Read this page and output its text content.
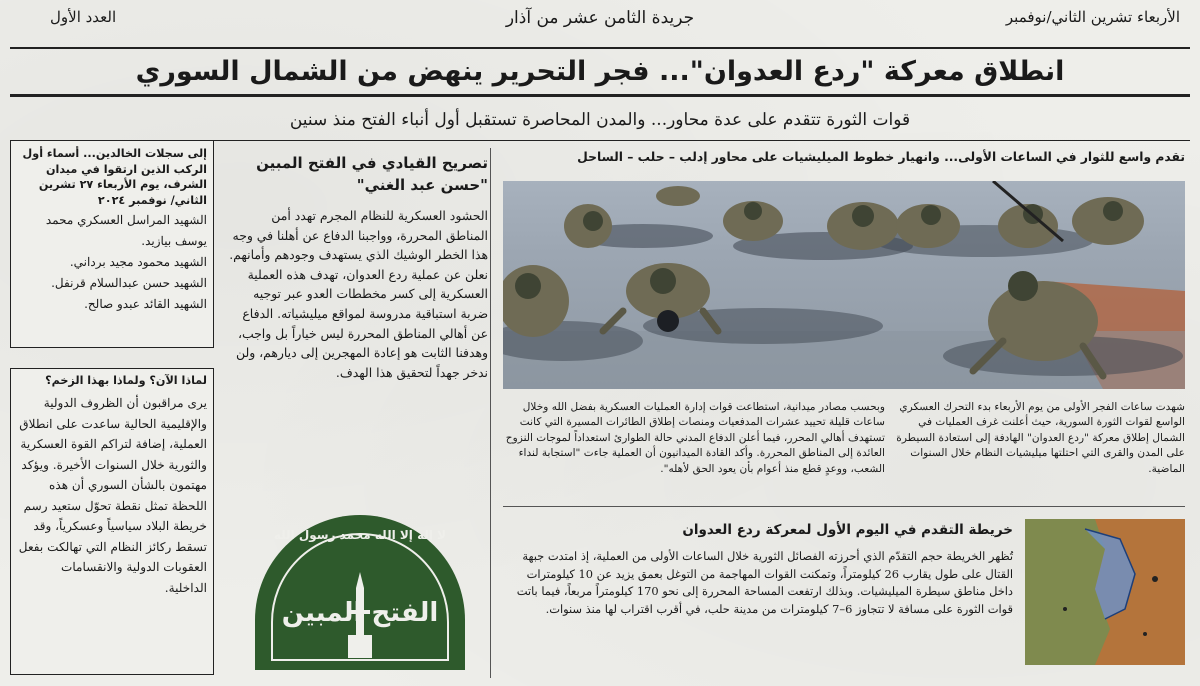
العدد الأول	جريدة الثامن عشر من آذار	الأربعاء تشرين الثاني/نوفمبر
انطلاق معركة "ردع العدوان"... فجر التحرير ينهض من الشمال السوري
قوات الثورة تتقدم على عدة محاور... والمدن المحاصرة تستقبل أول أنباء الفتح منذ سنين
تقدم واسع للثوار في الساعات الأولى... وانهيار خطوط الميليشيات على محاور إدلب – حلب – الساحل
شهدت ساعات الفجر الأولى من يوم الأربعاء بدء التحرك العسكري الواسع لقوات الثورة السورية، حيث أعلنت غرف العمليات في الشمال إطلاق معركة "ردع العدوان" الهادفة إلى استعادة السيطرة على المدن والقرى التي احتلتها ميليشيات النظام خلال السنوات الماضية.
وبحسب مصادر ميدانية، استطاعت قوات إدارة العمليات العسكرية بفضل الله وخلال ساعات قليلة تحييد عشرات المدفعيات ومنصات إطلاق الطائرات المسيرة التي كانت تستهدف أهالي المحرر، فيما أعلن الدفاع المدني حالة الطوارئ استعداداً لموجات النزوح العائدة إلى المناطق المحررة. وأكد القادة الميدانيون أن العملية جاءت "استجابة لنداء الشعب، ووعدٍ قطع منذ أعوام بأن يعود الحق لأهله".
تصريح القيادي في الفتح المبين "حسن عبد الغني"
الحشود العسكرية للنظام المجرم تهدد أمن المناطق المحررة، وواجبنا الدفاع عن أهلنا في وجه هذا الخطر الوشيك الذي يستهدف وجودهم وأمانهم. نعلن عن عملية ردع العدوان، تهدف هذه العملية العسكرية إلى كسر مخططات العدو عبر توجيه ضربة استباقية مدروسة لمواقع ميليشياته. الدفاع عن أهالي المناطق المحررة ليس خياراً بل واجب، وهدفنا الثابت هو إعادة المهجرين إلى ديارهم، ولن ندخر جهداً لتحقيق هذا الهدف.
إلى سجلات الخالدين... أسماء أول الركب الذين ارتقوا في ميدان الشرف، يوم الأربعاء ٢٧ تشرين الثاني/ نوفمبر ٢٠٢٤

الشهيد المراسل العسكري محمد يوسف بيازيد.

الشهيد محمود مجيد برداني.

الشهيد حسن عبدالسلام قرنفل.

الشهيد القائد عبدو صالح.

لماذا الآن؟ ولماذا بهذا الزخم؟
يرى مراقبون أن الظروف الدولية والإقليمية الحالية ساعدت على انطلاق العملية، إضافة لتراكم القوة العسكرية والثورية خلال السنوات الأخيرة. ويؤكد مهتمون بالشأن السوري أن هذه اللحظة تمثل نقطة تحوّل ستعيد رسم خريطة البلاد سياسياً وعسكرياً، وقد تسقط ركائز النظام التي تهالكت بفعل العقوبات الدولية والانقسامات الداخلية.
لا إله إلا الله محمد رسول الله
الفتح المبين
خريطة التقدم في اليوم الأول لمعركة ردع العدوان
تُظهر الخريطة حجم التقدّم الذي أحرزته الفصائل الثورية خلال الساعات الأولى من العملية، إذ امتدت جبهة القتال على طول يقارب 26 كيلومتراً، وتمكنت القوات المهاجمة من التوغل بعمق يزيد عن 10 كيلومترات داخل مناطق سيطرة الميليشيات. وبذلك ارتفعت المساحة المحررة إلى نحو 170 كيلومتراً مربعاً، فيما باتت قوات الثورة على مسافة لا تتجاوز 6–7 كيلومترات من مدينة حلب، في أقرب اقتراب لها منذ سنوات.
